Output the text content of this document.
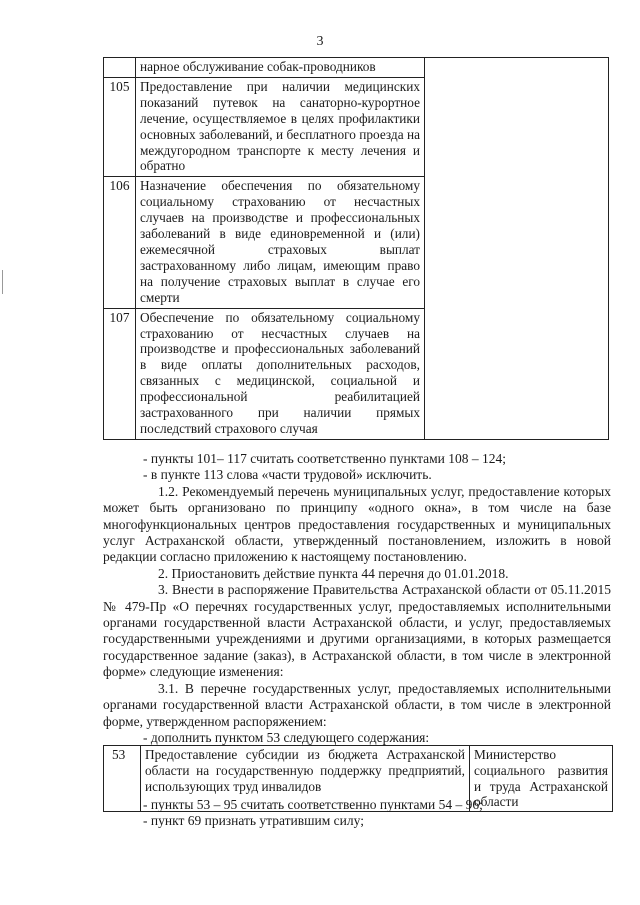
3
	нарное обслуживание собак-проводников	
105	Предоставление при наличии медицинских показаний путевок на санаторно-курортное лечение, осуществляемое в целях профилактики основных заболеваний, и бесплатного проезда на междугородном транспорте к месту лечения и обратно	
106	Назначение обеспечения по обязательному социальному страхованию от несчастных случаев на производстве и профессиональных заболеваний в виде единовременной и (или) ежемесячной страховых выплат застрахованному либо лицам, имеющим право на получение страховых выплат в случае его смерти	
107	Обеспечение по обязательному социальному страхованию от несчастных случаев на производстве и профессиональных заболеваний в виде оплаты дополнительных расходов, связанных с медицинской, социальной и профессиональной реабилитацией застрахованного при наличии прямых последствий страхового случая	

- пункты 101– 117 считать соответственно пунктами 108 – 124;

- в пункте 113 слова «части трудовой» исключить.

1.2. Рекомендуемый перечень муниципальных услуг, предоставление которых может быть организовано по принципу «одного окна», в том числе на базе многофункциональных центров предоставления государственных и муниципальных услуг Астраханской области, утвержденный постановлением, изложить в новой редакции согласно приложению к настоящему постановлению.

2. Приостановить действие пункта 44 перечня до 01.01.2018.

3. Внести в распоряжение Правительства Астраханской области от 05.11.2015 № 479-Пр «О перечнях государственных услуг, предоставляемых исполнительными органами государственной власти Астраханской области, и услуг, предоставляемых государственными учреждениями и другими организациями, в которых размещается государственное задание (заказ), в Астраханской области, в том числе в электронной форме» следующие изменения:

3.1. В перечне государственных услуг, предоставляемых исполнительными органами государственной власти Астраханской области, в том числе в электронной форме, утвержденном распоряжением:

- дополнить пунктом 53 следующего содержания:

53	Предоставление субсидии из бюджета Астраханской области на государственную поддержку предприятий, использующих труд инвалидов	Министерство социального развития и труда Астраханской области

- пункты 53 – 95 считать соответственно пунктами 54 – 96;

- пункт 69 признать утратившим силу;
